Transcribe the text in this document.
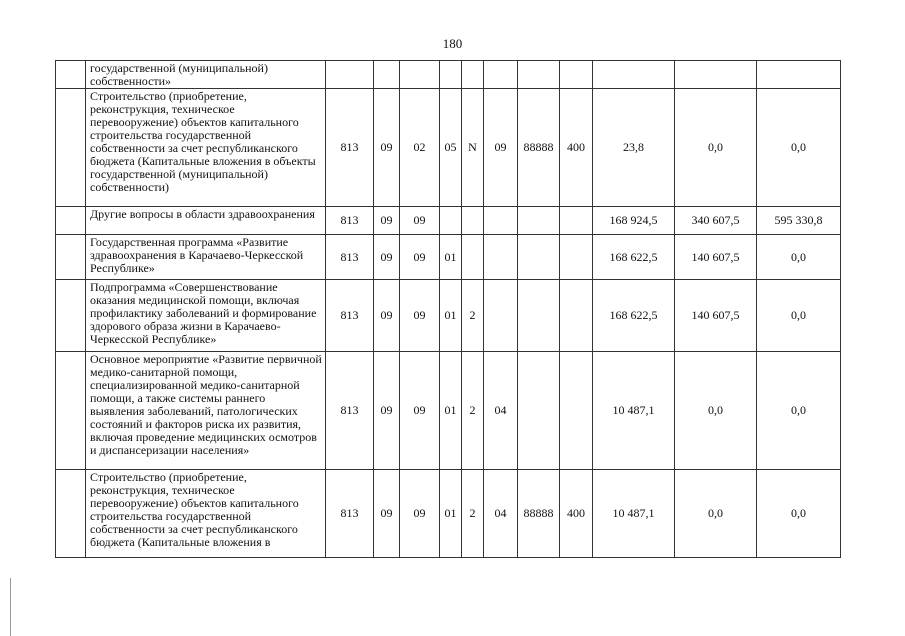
180
	государственной (муниципальной) собственности»											
	Строительство (приобретение, реконструкция, техническое перевооружение) объектов капитального строительства государственной собственности за счет республиканского бюджета (Капитальные вложения в объекты государственной (муниципальной) собственности)	813	09	02	05	N	09	88888	400	23,8	0,0	0,0
	Другие вопросы в области здравоохранения	813	09	09						168 924,5	340 607,5	595 330,8
	Государственная программа «Развитие здравоохранения в Карачаево-Черкесской Республике»	813	09	09	01					168 622,5	140 607,5	0,0
	Подпрограмма «Совершенствование оказания медицинской помощи, включая профилактику заболеваний и формирование здорового образа жизни в Карачаево-Черкесской Республике»	813	09	09	01	2				168 622,5	140 607,5	0,0
	Основное мероприятие «Развитие первичной медико-санитарной помощи, специализированной медико-санитарной помощи, а также системы раннего выявления заболеваний, патологических состояний и факторов риска их развития, включая проведение медицинских осмотров и диспансеризации населения»	813	09	09	01	2	04			10 487,1	0,0	0,0
	Строительство (приобретение, реконструкция, техническое перевооружение) объектов капитального строительства государственной собственности за счет республиканского бюджета (Капитальные вложения в	813	09	09	01	2	04	88888	400	10 487,1	0,0	0,0
